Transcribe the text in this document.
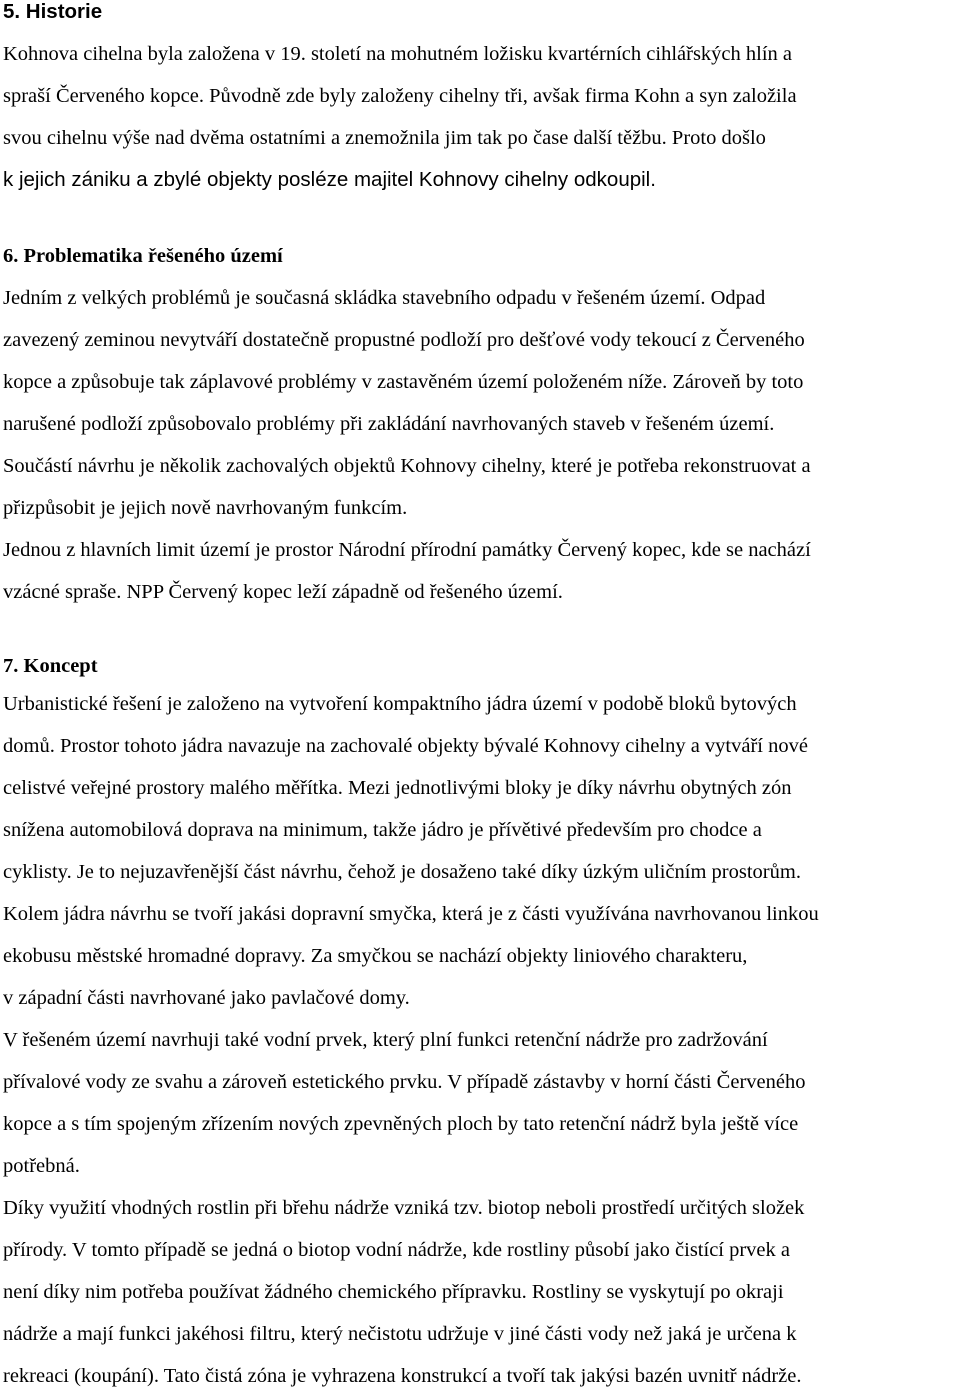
5. Historie

Kohnova cihelna byla založena v 19. století na mohutném ložisku kvartérních cihlářských hlín a
spraší Červeného kopce. Původně zde byly založeny cihelny tři, avšak firma Kohn a syn založila
svou cihelnu výše nad dvěma ostatními a znemožnila jim tak po čase další těžbu. Proto došlo
k jejich zániku a zbylé objekty posléze majitel Kohnovy cihelny odkoupil.

6. Problematika řešeného území

Jedním z velkých problémů je současná skládka stavebního odpadu v řešeném území. Odpad
zavezený zeminou nevytváří dostatečně propustné podloží pro dešťové vody tekoucí z Červeného
kopce a způsobuje tak záplavové problémy v zastavěném území položeném níže. Zároveň by toto
narušené podloží způsobovalo problémy při zakládání navrhovaných staveb v řešeném území.

Součástí návrhu je několik zachovalých objektů Kohnovy cihelny, které je potřeba rekonstruovat a
přizpůsobit je jejich nově navrhovaným funkcím.

Jednou z hlavních limit území je prostor Národní přírodní památky Červený kopec, kde se nachází
vzácné spraše. NPP Červený kopec leží západně od řešeného území.

7. Koncept

Urbanistické řešení je založeno na vytvoření kompaktního jádra území v podobě bloků bytových
domů. Prostor tohoto jádra navazuje na zachovalé objekty bývalé Kohnovy cihelny a vytváří nové
celistvé veřejné prostory malého měřítka. Mezi jednotlivými bloky je díky návrhu obytných zón
snížena automobilová doprava na minimum, takže jádro je přívětivé především pro chodce a
cyklisty. Je to nejuzavřenější část návrhu, čehož je dosaženo také díky úzkým uličním prostorům.

Kolem jádra návrhu se tvoří jakási dopravní smyčka, která je z části využívána navrhovanou linkou
ekobusu městské hromadné dopravy. Za smyčkou se nachází objekty liniového charakteru,
v západní části navrhované jako pavlačové domy.

V řešeném území navrhuji také vodní prvek, který plní funkci retenční nádrže pro zadržování
přívalové vody ze svahu a zároveň estetického prvku. V případě zástavby v horní části Červeného
kopce a s tím spojeným zřízením nových zpevněných ploch by tato retenční nádrž byla ještě více
potřebná.

Díky využití vhodných rostlin při břehu nádrže vzniká tzv. biotop neboli prostředí určitých složek
přírody. V tomto případě se jedná o biotop vodní nádrže, kde rostliny působí jako čistící prvek a
není díky nim potřeba používat žádného chemického přípravku. Rostliny se vyskytují po okraji
nádrže a mají funkci jakéhosi filtru, který nečistotu udržuje v jiné části vody než jaká je určena k
rekreaci (koupání). Tato čistá zóna je vyhrazena konstrukcí a tvoří tak jakýsi bazén uvnitř nádrže.
